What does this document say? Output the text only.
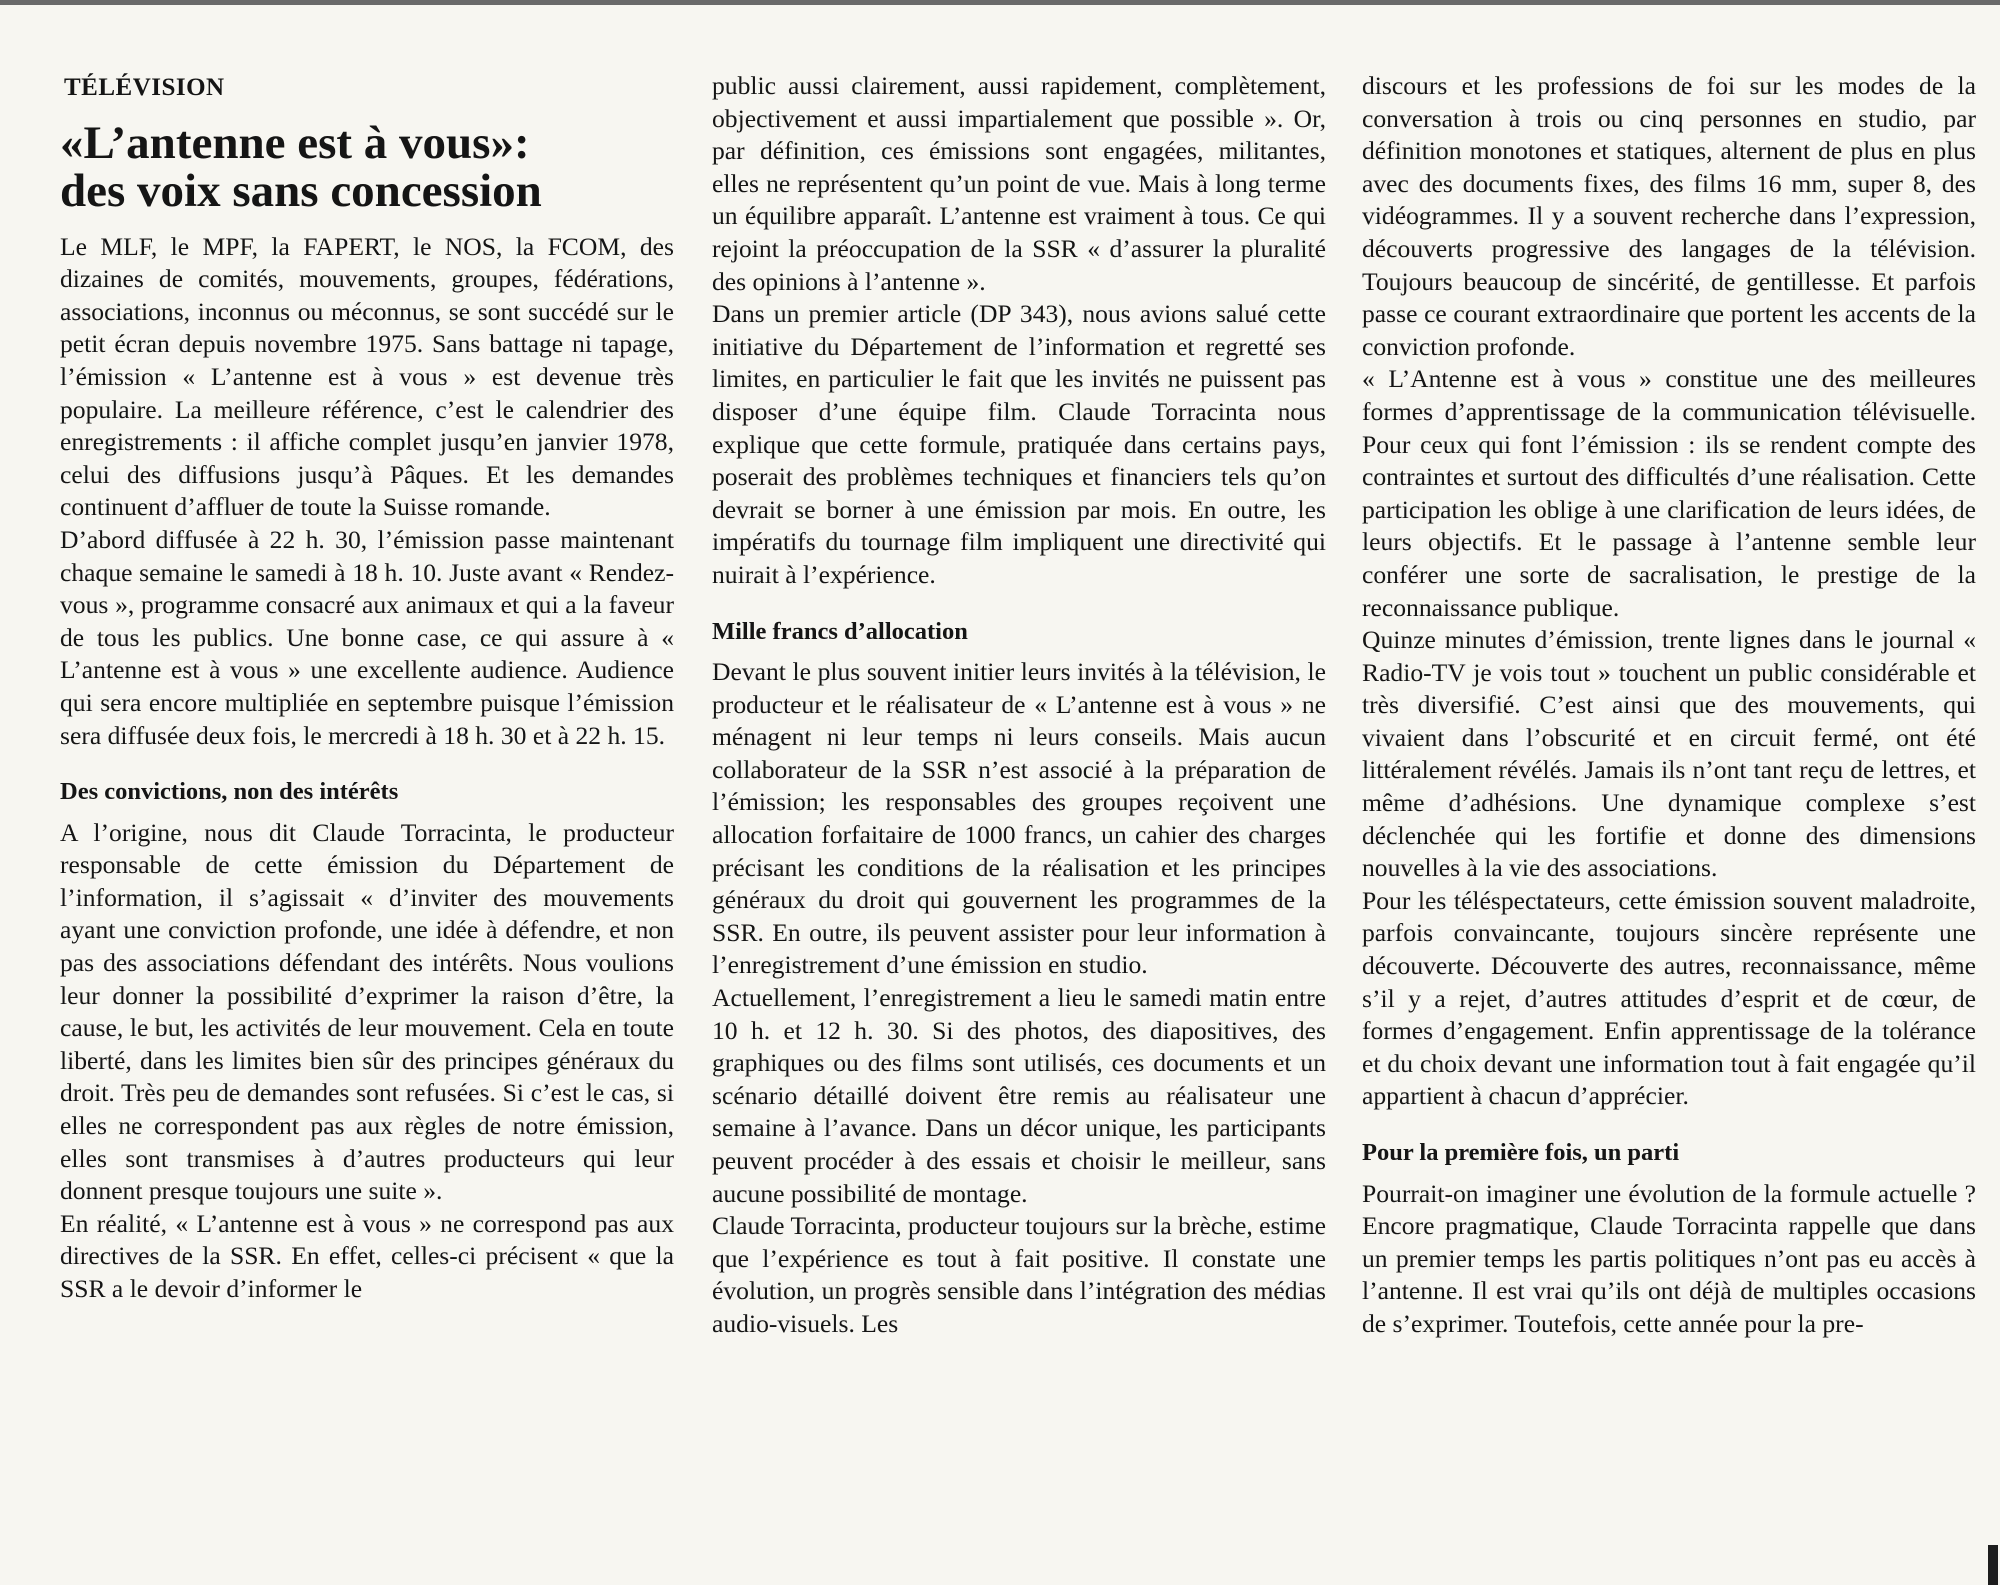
TÉLÉVISION
«L’antenne est à vous»:
des voix sans concession

Le MLF, le MPF, la FAPERT, le NOS, la FCOM, des dizaines de comités, mouvements, groupes, fédérations, associations, inconnus ou méconnus, se sont succédé sur le petit écran depuis novembre 1975. Sans battage ni tapage, l’émission « L’antenne est à vous » est devenue très populaire. La meilleure référence, c’est le calendrier des enregistrements : il affiche complet jusqu’en janvier 1978, celui des diffusions jusqu’à Pâques. Et les demandes continuent d’affluer de toute la Suisse romande.

D’abord diffusée à 22 h. 30, l’émission passe maintenant chaque semaine le samedi à 18 h. 10. Juste avant « Rendez-vous », programme consacré aux animaux et qui a la faveur de tous les publics. Une bonne case, ce qui assure à « L’antenne est à vous » une excellente audience. Audience qui sera encore multipliée en septembre puisque l’émission sera diffusée deux fois, le mercredi à 18 h. 30 et à 22 h. 15.

Des convictions, non des intérêts

A l’origine, nous dit Claude Torracinta, le producteur responsable de cette émission du Département de l’information, il s’agissait « d’inviter des mouvements ayant une conviction profonde, une idée à défendre, et non pas des associations défendant des intérêts. Nous voulions leur donner la possibilité d’exprimer la raison d’être, la cause, le but, les activités de leur mouvement. Cela en toute liberté, dans les limites bien sûr des principes généraux du droit. Très peu de demandes sont refusées. Si c’est le cas, si elles ne correspondent pas aux règles de notre émission, elles sont transmises à d’autres producteurs qui leur donnent presque toujours une suite ».

En réalité, « L’antenne est à vous » ne correspond pas aux directives de la SSR. En effet, celles-ci précisent « que la SSR a le devoir d’informer le

public aussi clairement, aussi rapidement, complètement, objectivement et aussi impartialement que possible ». Or, par définition, ces émissions sont engagées, militantes, elles ne représentent qu’un point de vue. Mais à long terme un équilibre apparaît. L’antenne est vraiment à tous. Ce qui rejoint la préoccupation de la SSR « d’assurer la pluralité des opinions à l’antenne ».

Dans un premier article (DP 343), nous avions salué cette initiative du Département de l’information et regretté ses limites, en particulier le fait que les invités ne puissent pas disposer d’une équipe film. Claude Torracinta nous explique que cette formule, pratiquée dans certains pays, poserait des problèmes techniques et financiers tels qu’on devrait se borner à une émission par mois. En outre, les impératifs du tournage film impliquent une directivité qui nuirait à l’expérience.

Mille francs d’allocation

Devant le plus souvent initier leurs invités à la télévision, le producteur et le réalisateur de « L’antenne est à vous » ne ménagent ni leur temps ni leurs conseils. Mais aucun collaborateur de la SSR n’est associé à la préparation de l’émission; les responsables des groupes reçoivent une allocation forfaitaire de 1000 francs, un cahier des charges précisant les conditions de la réalisation et les principes généraux du droit qui gouvernent les programmes de la SSR. En outre, ils peuvent assister pour leur information à l’enregistrement d’une émission en studio.

Actuellement, l’enregistrement a lieu le samedi matin entre 10 h. et 12 h. 30. Si des photos, des diapositives, des graphiques ou des films sont utilisés, ces documents et un scénario détaillé doivent être remis au réalisateur une semaine à l’avance. Dans un décor unique, les participants peuvent procéder à des essais et choisir le meilleur, sans aucune possibilité de montage.

Claude Torracinta, producteur toujours sur la brèche, estime que l’expérience es tout à fait positive. Il constate une évolution, un progrès sensible dans l’intégration des médias audio-visuels. Les

discours et les professions de foi sur les modes de la conversation à trois ou cinq personnes en studio, par définition monotones et statiques, alternent de plus en plus avec des documents fixes, des films 16 mm, super 8, des vidéogrammes. Il y a souvent recherche dans l’expression, découverts progressive des langages de la télévision. Toujours beaucoup de sincérité, de gentillesse. Et parfois passe ce courant extraordinaire que portent les accents de la conviction profonde.

« L’Antenne est à vous » constitue une des meilleures formes d’apprentissage de la communication télévisuelle. Pour ceux qui font l’émission : ils se rendent compte des contraintes et surtout des difficultés d’une réalisation. Cette participation les oblige à une clarification de leurs idées, de leurs objectifs. Et le passage à l’antenne semble leur conférer une sorte de sacralisation, le prestige de la reconnaissance publique.

Quinze minutes d’émission, trente lignes dans le journal « Radio-TV je vois tout » touchent un public considérable et très diversifié. C’est ainsi que des mouvements, qui vivaient dans l’obscurité et en circuit fermé, ont été littéralement révélés. Jamais ils n’ont tant reçu de lettres, et même d’adhésions. Une dynamique complexe s’est déclenchée qui les fortifie et donne des dimensions nouvelles à la vie des associations.

Pour les téléspectateurs, cette émission souvent maladroite, parfois convaincante, toujours sincère représente une découverte. Découverte des autres, reconnaissance, même s’il y a rejet, d’autres attitudes d’esprit et de cœur, de formes d’engagement. Enfin apprentissage de la tolérance et du choix devant une information tout à fait engagée qu’il appartient à chacun d’apprécier.

Pour la première fois, un parti

Pourrait-on imaginer une évolution de la formule actuelle ? Encore pragmatique, Claude Torracinta rappelle que dans un premier temps les partis politiques n’ont pas eu accès à l’antenne. Il est vrai qu’ils ont déjà de multiples occasions de s’exprimer. Toutefois, cette année pour la pre-
